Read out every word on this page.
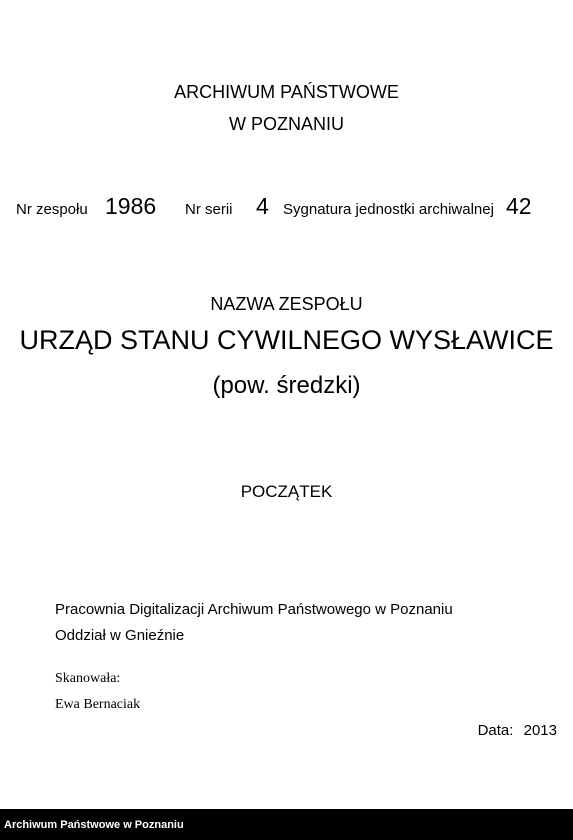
ARCHIWUM PAŃSTWOWE
W POZNANIU
Nr zespołu 1986 Nr serii 4 Sygnatura jednostki archiwalnej 42
NAZWA ZESPOŁU
URZĄD STANU CYWILNEGO WYSŁAWICE
(pow. średzki)
POCZĄTEK
Pracownia Digitalizacji Archiwum Państwowego w Poznaniu
Oddział w Gnieźnie
Skanowała:
Ewa Bernaciak
Data: 2013
Archiwum Państwowe w Poznaniu
